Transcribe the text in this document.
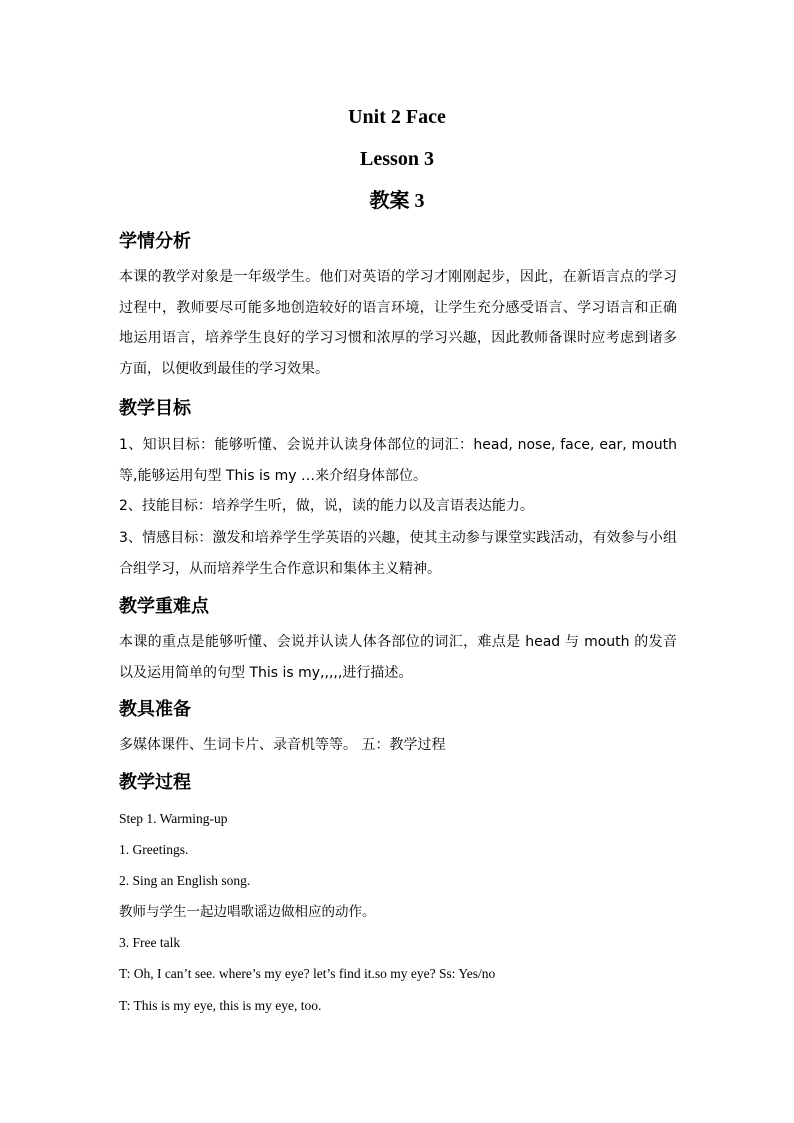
Unit 2 Face
Lesson 3
教案 3
学情分析
本课的教学对象是一年级学生。他们对英语的学习才刚刚起步，因此，在新语言点的学习过程中，教师要尽可能多地创造较好的语言环境，让学生充分感受语言、学习语言和正确地运用语言，培养学生良好的学习习惯和浓厚的学习兴趣，因此教师备课时应考虑到诸多方面，以便收到最佳的学习效果。
教学目标
1、知识目标：能够听懂、会说并认读身体部位的词汇：head, nose, face, ear, mouth 等,能够运用句型 This is my …来介绍身体部位。
2、技能目标：培养学生听，做，说，读的能力以及言语表达能力。
3、情感目标：激发和培养学生学英语的兴趣，使其主动参与课堂实践活动，有效参与小组合组学习，从而培养学生合作意识和集体主义精神。
教学重难点
本课的重点是能够听懂、会说并认读人体各部位的词汇，难点是 head 与 mouth 的发音以及运用简单的句型 This is my,,,,,进行描述。
教具准备
多媒体课件、生词卡片、录音机等等。 五：教学过程
教学过程
Step 1. Warming-up
1. Greetings.
2. Sing an English song.
教师与学生一起边唱歌谣边做相应的动作。
3. Free talk
T: Oh, I can’t see. where’s my eye? let’s find it.so my eye? Ss: Yes/no
T: This is my eye, this is my eye, too.
